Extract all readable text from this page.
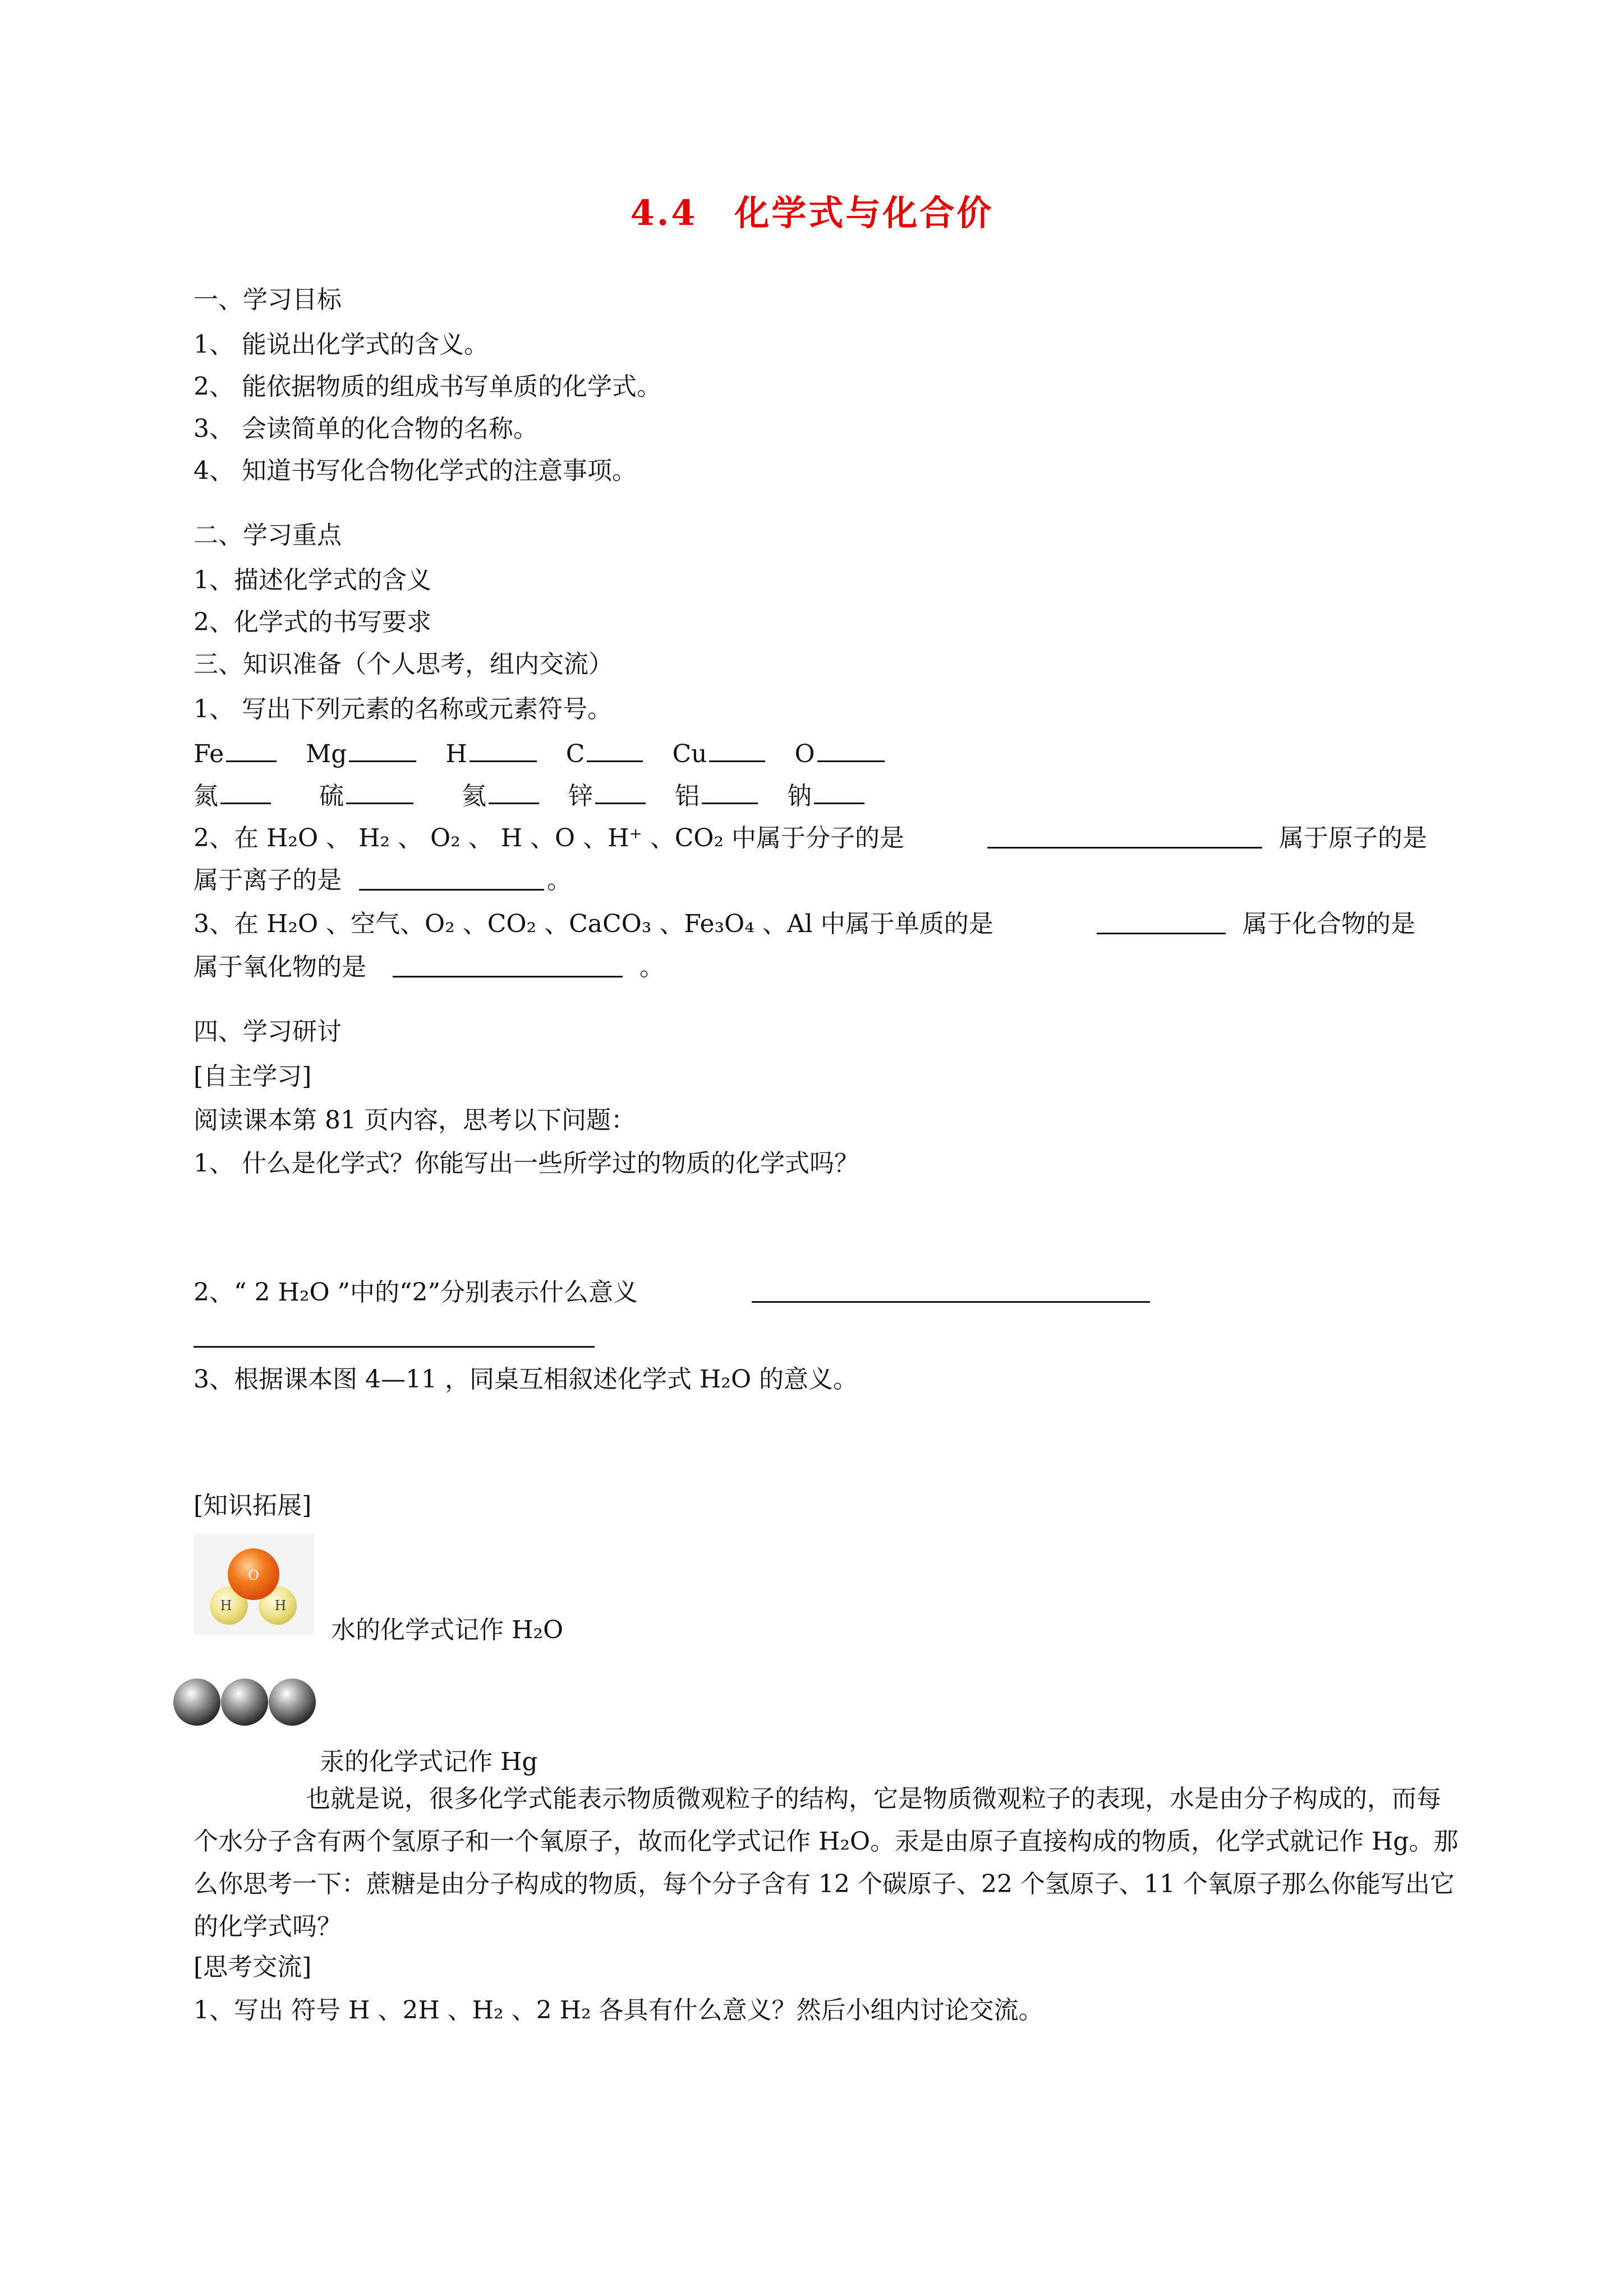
4.4　化学式与化合价
一、学习目标
1、 能说出化学式的含义。
2、 能依据物质的组成书写单质的化学式。
3、 会读简单的化合物的名称。
4、 知道书写化合物化学式的注意事项。
二、学习重点
1、描述化学式的含义
2、化学式的书写要求
三、知识准备（个人思考，组内交流）
1、 写出下列元素的名称或元素符号。
Fe	Mg	H	C	Cu	O
氮	硫	氦	锌	铝	钠
2、在 H₂O 、 H₂ 、 O₂ 、 H 、O 、H⁺ 、CO₂ 中属于分子的是	属于原子的是
属于离子的是	。
3、在 H₂O 、空气、O₂ 、CO₂ 、CaCO₃ 、Fe₃O₄ 、Al 中属于单质的是	属于化合物的是
属于氧化物的是	。
四、学习研讨
[自主学习]
阅读课本第 81 页内容，思考以下问题：
1、 什么是化学式？你能写出一些所学过的物质的化学式吗？
2、“ 2 H₂O ”中的“2”分别表示什么意义
3、根据课本图 4—11 ，同桌互相叙述化学式 H₂O 的意义。
[知识拓展]
O
H	H
水的化学式记作 H₂O
汞的化学式记作 Hg
也就是说，很多化学式能表示物质微观粒子的结构，它是物质微观粒子的表现，水是由分子构成的，而每个水分子含有两个氢原子和一个氧原子，故而化学式记作 H₂O。汞是由原子直接构成的物质，化学式就记作 Hg。那么你思考一下：蔗糖是由分子构成的物质，每个分子含有 12 个碳原子、22 个氢原子、11 个氧原子那么你能写出它的化学式吗？
[思考交流]
1、写出 符号 H 、2H 、H₂ 、2 H₂ 各具有什么意义？然后小组内讨论交流。
